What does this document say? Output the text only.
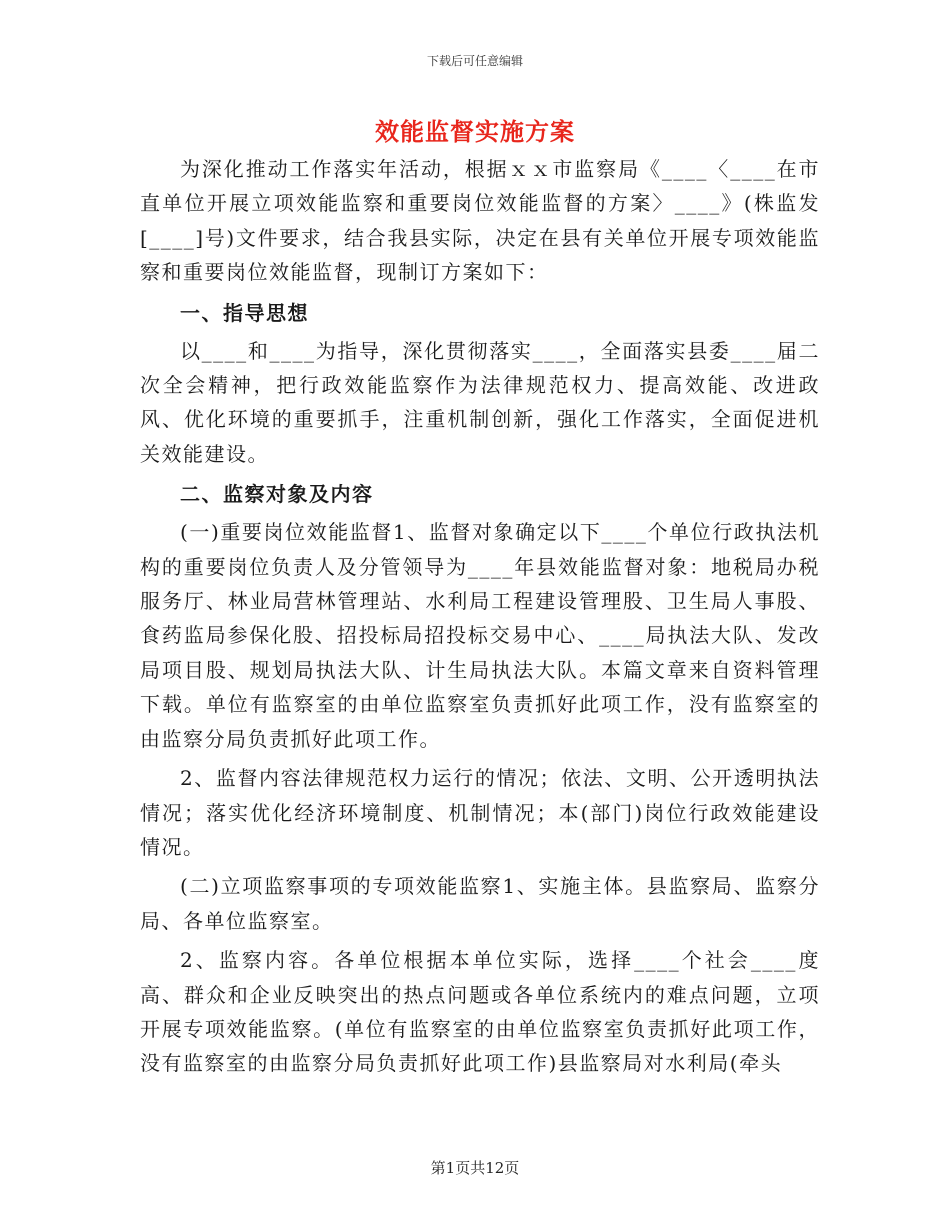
下载后可任意编辑
效能监督实施方案

为深化推动工作落实年活动，根据ｘｘ市监察局《____〈____在市直单位开展立项效能监察和重要岗位效能监督的方案〉____》(株监发[____]号)文件要求，结合我县实际，决定在县有关单位开展专项效能监察和重要岗位效能监督，现制订方案如下：

一、指导思想

以____和____为指导，深化贯彻落实____，全面落实县委____届二次全会精神，把行政效能监察作为法律规范权力、提高效能、改进政风、优化环境的重要抓手，注重机制创新，强化工作落实，全面促进机关效能建设。

二、监察对象及内容

(一)重要岗位效能监督1、监督对象确定以下____个单位行政执法机构的重要岗位负责人及分管领导为____年县效能监督对象：地税局办税服务厅、林业局营林管理站、水利局工程建设管理股、卫生局人事股、食药监局参保化股、招投标局招投标交易中心、____局执法大队、发改局项目股、规划局执法大队、计生局执法大队。本篇文章来自资料管理下载。单位有监察室的由单位监察室负责抓好此项工作，没有监察室的由监察分局负责抓好此项工作。

2、监督内容法律规范权力运行的情况；依法、文明、公开透明执法情况；落实优化经济环境制度、机制情况；本(部门)岗位行政效能建设情况。

(二)立项监察事项的专项效能监察1、实施主体。县监察局、监察分局、各单位监察室。

2、监察内容。各单位根据本单位实际，选择____个社会____度高、群众和企业反映突出的热点问题或各单位系统内的难点问题，立项开展专项效能监察。(单位有监察室的由单位监察室负责抓好此项工作，没有监察室的由监察分局负责抓好此项工作)县监察局对水利局(牵头

第1页共12页
